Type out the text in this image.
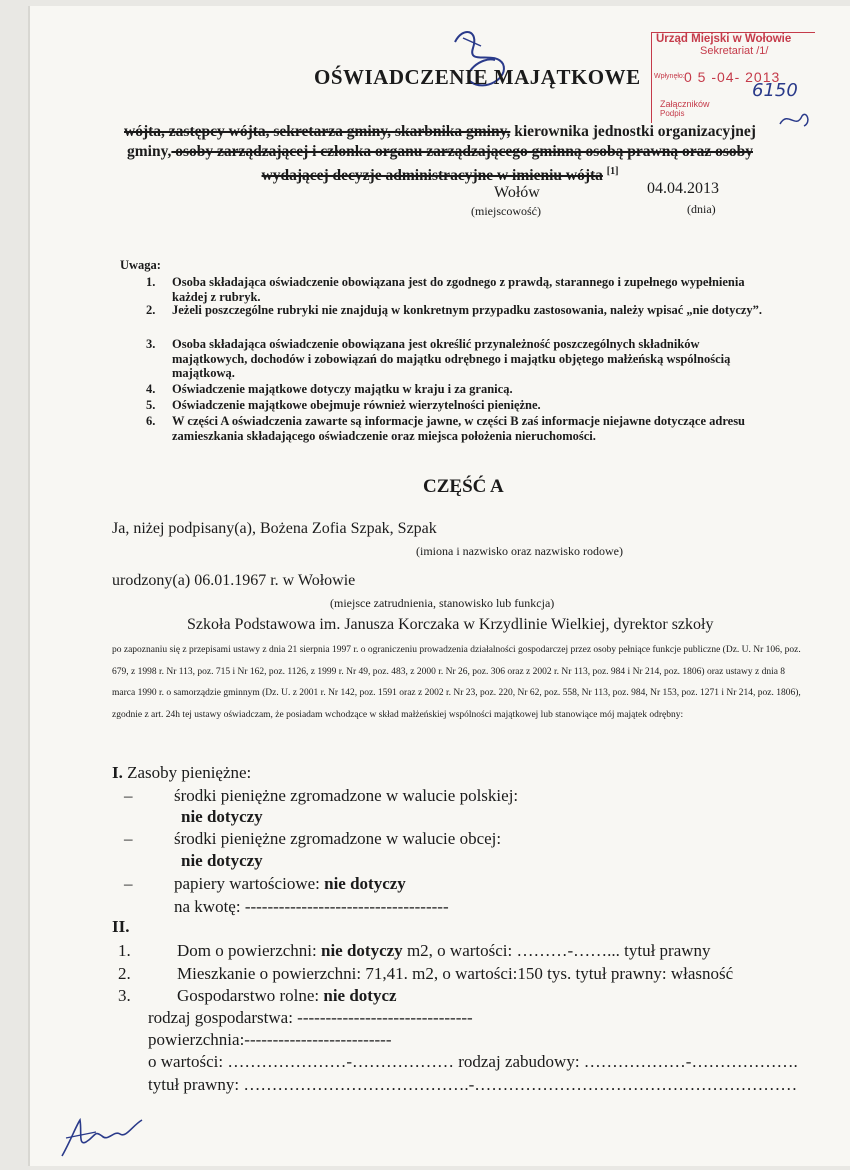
Urząd Miejski w Wołowie
Sekretariat /1/
Wpłynęło: 0 5 -04- 2013
Załączników
Podpis
6150
OŚWIADCZENIE MAJĄTKOWE
wójta, zastępcy wójta, sekretarza gminy, skarbnika gminy, kierownika jednostki organizacyjnej gminy, osoby zarządzającej i członka organu zarządzającego gminną osobą prawną oraz osoby wydającej decyzje administracyjne w imieniu wójta [1]
Wołów
(miejscowość)
04.04.2013
(dnia)
Uwaga:
1. Osoba składająca oświadczenie obowiązana jest do zgodnego z prawdą, starannego i zupełnego wypełnienia każdej z rubryk.
2. Jeżeli poszczególne rubryki nie znajdują w konkretnym przypadku zastosowania, należy wpisać „nie dotyczy”.
3. Osoba składająca oświadczenie obowiązana jest określić przynależność poszczególnych składników majątkowych, dochodów i zobowiązań do majątku odrębnego i majątku objętego małżeńską wspólnością majątkową.
4. Oświadczenie majątkowe dotyczy majątku w kraju i za granicą.
5. Oświadczenie majątkowe obejmuje również wierzytelności pieniężne.
6. W części A oświadczenia zawarte są informacje jawne, w części B zaś informacje niejawne dotyczące adresu zamieszkania składającego oświadczenie oraz miejsca położenia nieruchomości.
CZĘŚĆ A
Ja, niżej podpisany(a), Bożena Zofia Szpak, Szpak
(imiona i nazwisko oraz nazwisko rodowe)
urodzony(a) 06.01.1967 r. w Wołowie
(miejsce zatrudnienia, stanowisko lub funkcja)
Szkoła Podstawowa im. Janusza Korczaka w Krzydlinie Wielkiej, dyrektor szkoły
po zapoznaniu się z przepisami ustawy z dnia 21 sierpnia 1997 r. o ograniczeniu prowadzenia działalności gospodarczej przez osoby pełniące funkcje publiczne (Dz. U. Nr 106, poz. 679, z 1998 r. Nr 113, poz. 715 i Nr 162, poz. 1126, z 1999 r. Nr 49, poz. 483, z 2000 r. Nr 26, poz. 306 oraz z 2002 r. Nr 113, poz. 984 i Nr 214, poz. 1806) oraz ustawy z dnia 8 marca 1990 r. o samorządzie gminnym (Dz. U. z 2001 r. Nr 142, poz. 1591 oraz z 2002 r. Nr 23, poz. 220, Nr 62, poz. 558, Nr 113, poz. 984, Nr 153, poz. 1271 i Nr 214, poz. 1806), zgodnie z art. 24h tej ustawy oświadczam, że posiadam wchodzące w skład małżeńskiej wspólności majątkowej lub stanowiące mój majątek odrębny:
I. Zasoby pieniężne:
– środki pieniężne zgromadzone w walucie polskiej:
nie dotyczy
– środki pieniężne zgromadzone w walucie obcej:
nie dotyczy
– papiery wartościowe: nie dotyczy
na kwotę: ------------------------------------
II.
1.	Dom o powierzchni: nie dotyczy m2, o wartości: ………-……... tytuł prawny
2.	Mieszkanie o powierzchni: 71,41. m2, o wartości:150 tys. tytuł prawny: własność
3.	Gospodarstwo rolne: nie dotycz
rodzaj gospodarstwa: -------------------------------
powierzchnia:--------------------------
o wartości: …………………-……………… rodzaj zabudowy: ………………-……………….
tytuł prawny: ………………………………….-…………………………………………………
